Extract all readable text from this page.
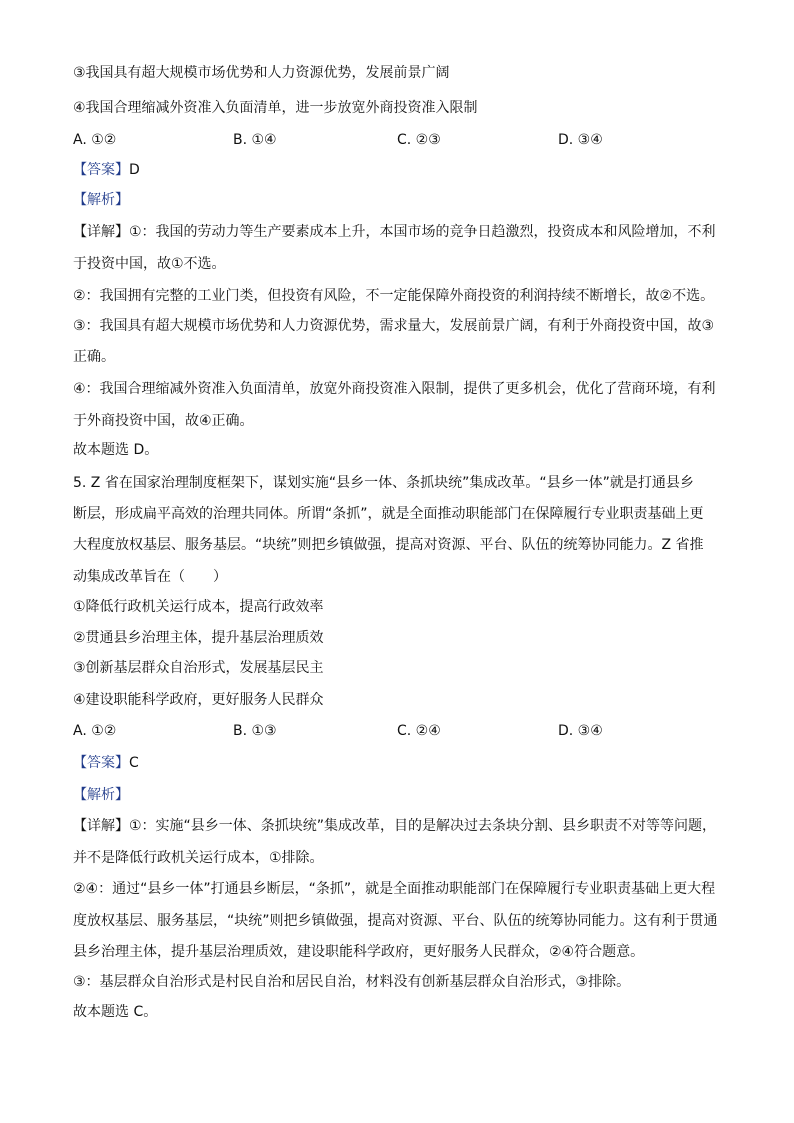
③我国具有超大规模市场优势和人力资源优势，发展前景广阔
④我国合理缩减外资准入负面清单，进一步放宽外商投资准入限制
A. ①②	B. ①④	C. ②③	D. ③④
【答案】D
【解析】
【详解】①：我国的劳动力等生产要素成本上升，本国市场的竞争日趋激烈，投资成本和风险增加，不利
于投资中国，故①不选。
②：我国拥有完整的工业门类，但投资有风险，不一定能保障外商投资的利润持续不断增长，故②不选。
③：我国具有超大规模市场优势和人力资源优势，需求量大，发展前景广阔，有利于外商投资中国，故③
正确。
④：我国合理缩减外资准入负面清单，放宽外商投资准入限制，提供了更多机会，优化了营商环境，有利
于外商投资中国，故④正确。
故本题选 D。
5. Z 省在国家治理制度框架下，谋划实施“县乡一体、条抓块统”集成改革。“县乡一体”就是打通县乡
断层，形成扁平高效的治理共同体。所谓“条抓”，就是全面推动职能部门在保障履行专业职责基础上更
大程度放权基层、服务基层。“块统”则把乡镇做强，提高对资源、平台、队伍的统筹协同能力。Z 省推
动集成改革旨在（　　）
①降低行政机关运行成本，提高行政效率
②贯通县乡治理主体，提升基层治理质效
③创新基层群众自治形式，发展基层民主
④建设职能科学政府，更好服务人民群众
A. ①②	B. ①③	C. ②④	D. ③④
【答案】C
【解析】
【详解】①：实施“县乡一体、条抓块统”集成改革，目的是解决过去条块分割、县乡职责不对等等问题，
并不是降低行政机关运行成本，①排除。
②④：通过“县乡一体”打通县乡断层，“条抓”，就是全面推动职能部门在保障履行专业职责基础上更大程
度放权基层、服务基层，“块统”则把乡镇做强，提高对资源、平台、队伍的统筹协同能力。这有利于贯通
县乡治理主体，提升基层治理质效，建设职能科学政府，更好服务人民群众，②④符合题意。
③：基层群众自治形式是村民自治和居民自治，材料没有创新基层群众自治形式，③排除。
故本题选 C。
